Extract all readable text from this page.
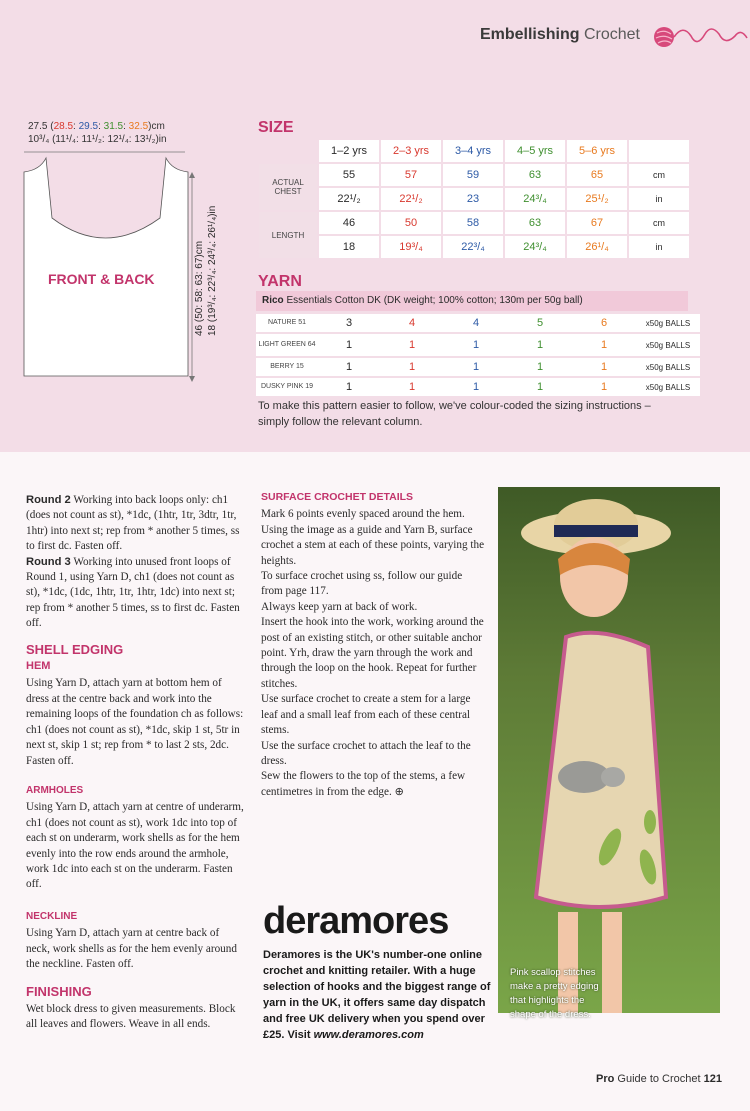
Embellishing Crochet
27.5 (28.5: 29.5: 31.5: 32.5)cm
10³/₄ (11¹/₄: 11¹/₂: 12¹/₄: 13¹/₂)in
FRONT & BACK	46 (50: 58: 63: 67)cm 18 (19³/₄: 22³/₄: 24³/₄: 26¹/₄)in
SIZE
	1–2 yrs	2–3 yrs	3–4 yrs	4–5 yrs	5–6 yrs	
ACTUAL CHEST	55	57	59	63	65	cm
	22¹/₂	22¹/₂	23	24³/₄	25¹/₂	in
LENGTH	46	50	58	63	67	cm
	18	19³/₄	22³/₄	24³/₄	26¹/₄	in
YARN
Rico Essentials Cotton DK (DK weight; 100% cotton; 130m per 50g ball)
NATURE 51	3	4	4	5	6	x50g BALLS
LIGHT GREEN 64	1	1	1	1	1	x50g BALLS
BERRY 15	1	1	1	1	1	x50g BALLS
DUSKY PINK 19	1	1	1	1	1	x50g BALLS
To make this pattern easier to follow, we've colour-coded the sizing instructions – simply follow the relevant column.

Round 2 Working into back loops only: ch1 (does not count as st), *1dc, (1htr, 1tr, 3dtr, 1tr, 1htr) into next st; rep from * another 5 times, ss to first dc. Fasten off.

Round 3 Working into unused front loops of Round 1, using Yarn D, ch1 (does not count as st), *1dc, (1dc, 1htr, 1tr, 1htr, 1dc) into next st; rep from * another 5 times, ss to first dc. Fasten off.

SHELL EDGING
HEM

Using Yarn D, attach yarn at bottom hem of dress at the centre back and work into the remaining loops of the foundation ch as follows: ch1 (does not count as st), *1dc, skip 1 st, 5tr in next st, skip 1 st; rep from * to last 2 sts, 2dc. Fasten off.

ARMHOLES

Using Yarn D, attach yarn at centre of underarm, ch1 (does not count as st), work 1dc into top of each st on underarm, work shells as for the hem evenly into the row ends around the armhole, work 1dc into each st on the underarm. Fasten off.

NECKLINE

Using Yarn D, attach yarn at centre back of neck, work shells as for the hem evenly around the neckline. Fasten off.

FINISHING

Wet block dress to given measurements. Block all leaves and flowers. Weave in all ends.

SURFACE CROCHET DETAILS

Mark 6 points evenly spaced around the hem.

Using the image as a guide and Yarn B, surface crochet a stem at each of these points, varying the heights.

To surface crochet using ss, follow our guide from page 117.

Always keep yarn at back of work.

Insert the hook into the work, working around the post of an existing stitch, or other suitable anchor point. Yrh, draw the yarn through the work and through the loop on the hook. Repeat for further stitches.

Use surface crochet to create a stem for a large leaf and a small leaf from each of these central stems.

Use the surface crochet to attach the leaf to the dress.

Sew the flowers to the top of the stems, a few centimetres in from the edge. ⊕

deramores
Deramores is the UK's number-one online crochet and knitting retailer. With a huge selection of hooks and the biggest range of yarn in the UK, it offers same day dispatch and free UK delivery when you spend over £25. Visit www.deramores.com
Pink scallop stitches make a pretty edging that highlights the shape of the dress.
Pro Guide to Crochet 121
